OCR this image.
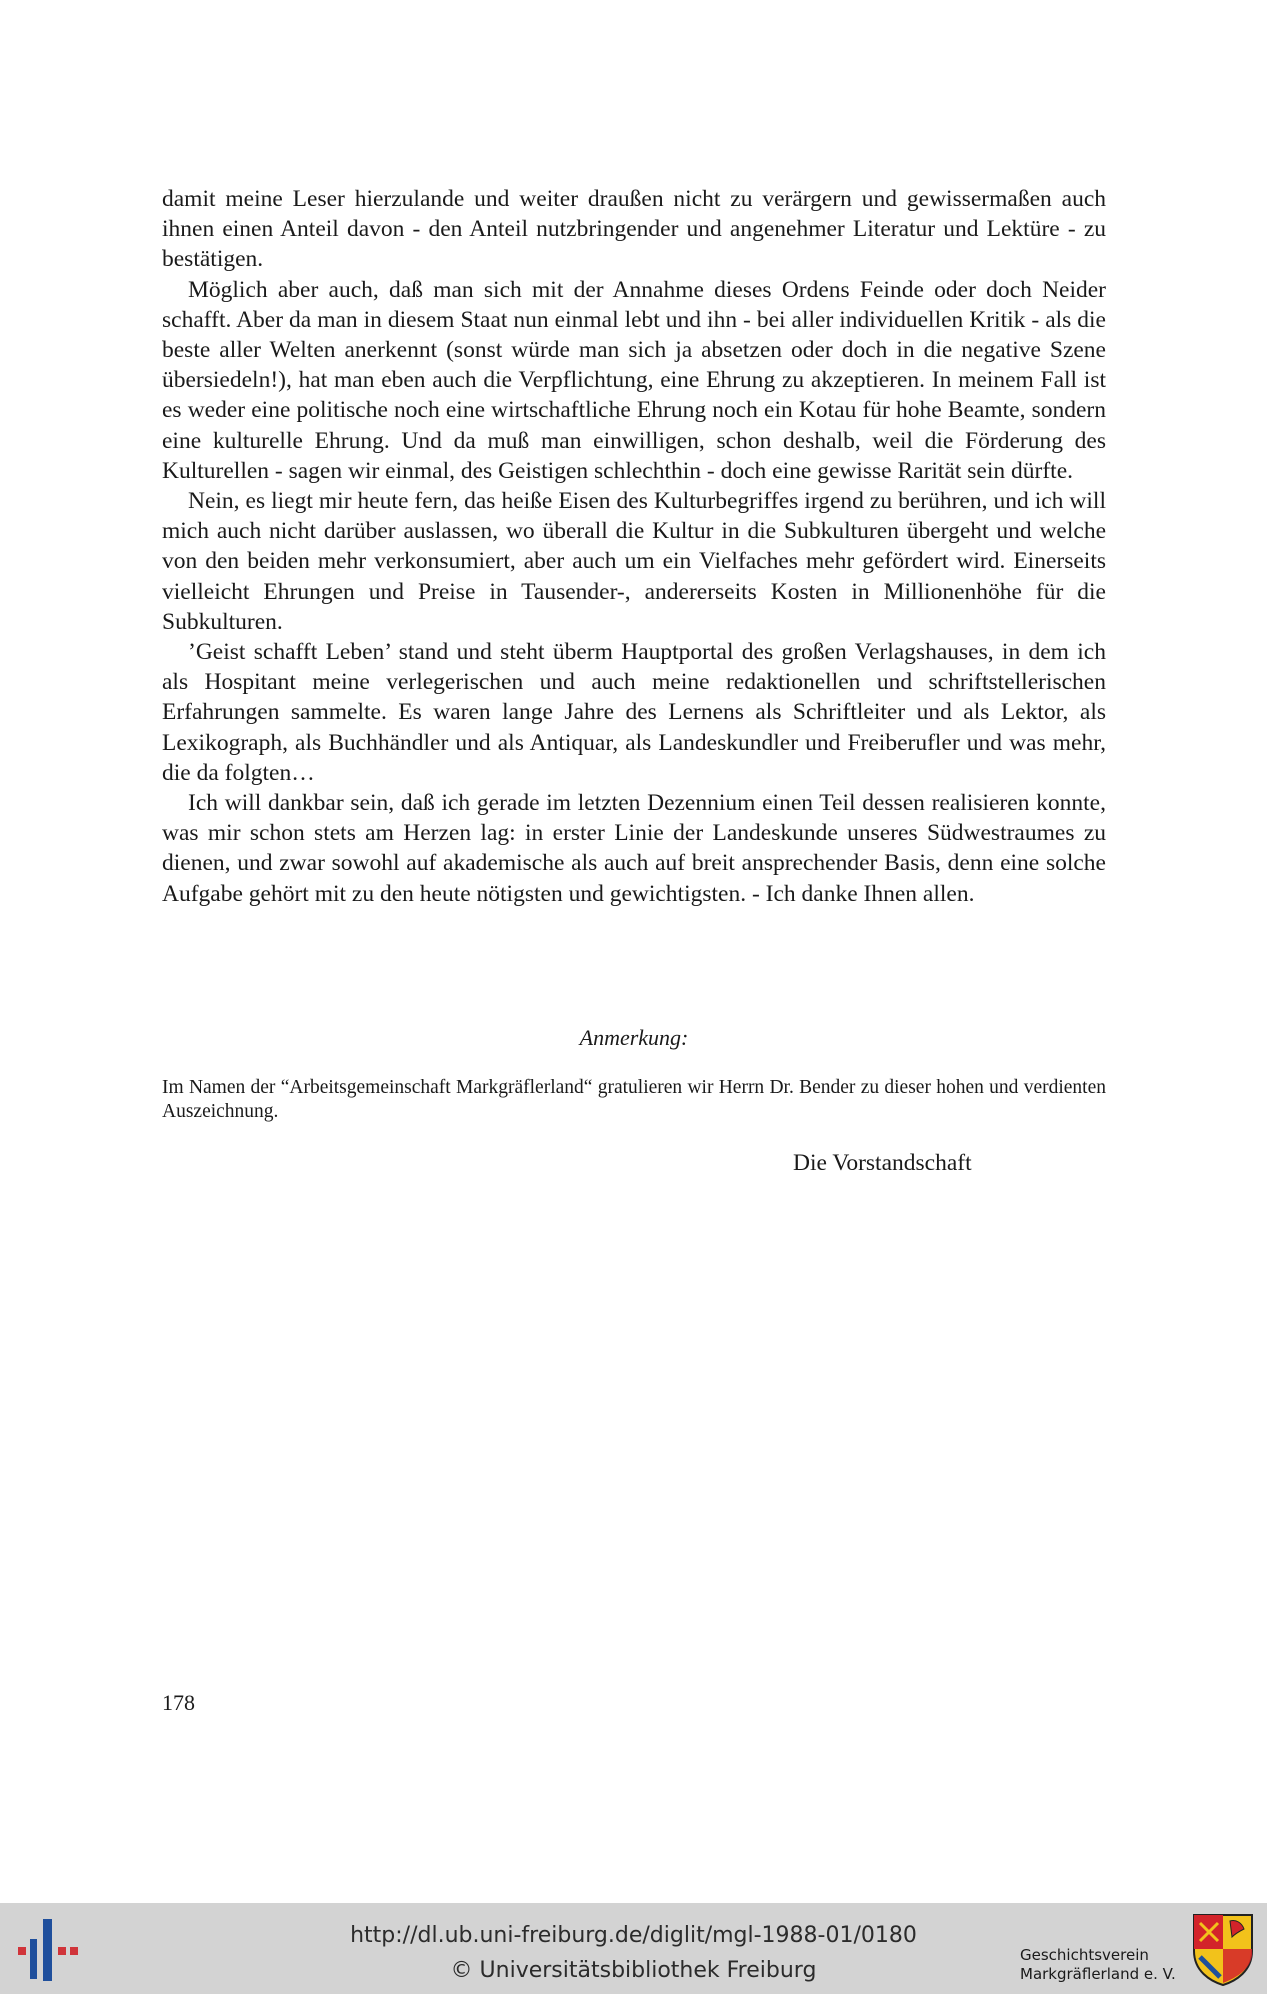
damit meine Leser hierzulande und weiter draußen nicht zu verärgern und gewissermaßen auch ihnen einen Anteil davon - den Anteil nutzbringender und angenehmer Literatur und Lektüre - zu bestätigen.

Möglich aber auch, daß man sich mit der Annahme dieses Ordens Feinde oder doch Neider schafft. Aber da man in diesem Staat nun einmal lebt und ihn - bei aller individuellen Kritik - als die beste aller Welten anerkennt (sonst würde man sich ja absetzen oder doch in die negative Szene übersiedeln!), hat man eben auch die Verpflichtung, eine Ehrung zu akzeptieren. In meinem Fall ist es weder eine politische noch eine wirtschaftliche Ehrung noch ein Kotau für hohe Beamte, sondern eine kulturelle Ehrung. Und da muß man einwilligen, schon deshalb, weil die Förderung des Kulturellen - sagen wir einmal, des Geistigen schlechthin - doch eine gewisse Rarität sein dürfte.

Nein, es liegt mir heute fern, das heiße Eisen des Kulturbegriffes irgend zu berühren, und ich will mich auch nicht darüber auslassen, wo überall die Kultur in die Subkulturen übergeht und welche von den beiden mehr verkonsumiert, aber auch um ein Vielfaches mehr gefördert wird. Einerseits vielleicht Ehrungen und Preise in Tausender-, andererseits Kosten in Millionenhöhe für die Subkulturen.

’Geist schafft Leben’ stand und steht überm Hauptportal des großen Verlagshauses, in dem ich als Hospitant meine verlegerischen und auch meine redaktionellen und schriftstellerischen Erfahrungen sammelte. Es waren lange Jahre des Lernens als Schriftleiter und als Lektor, als Lexikograph, als Buchhändler und als Antiquar, als Landeskundler und Freiberufler und was mehr, die da folgten…

Ich will dankbar sein, daß ich gerade im letzten Dezennium einen Teil dessen realisieren konnte, was mir schon stets am Herzen lag: in erster Linie der Landeskunde unseres Südwestraumes zu dienen, und zwar sowohl auf akademische als auch auf breit ansprechender Basis, denn eine solche Aufgabe gehört mit zu den heute nötigsten und gewichtigsten. - Ich danke Ihnen allen.

Anmerkung:
Im Namen der “Arbeitsgemeinschaft Markgräflerland“ gratulieren wir Herrn Dr. Bender zu dieser hohen und verdienten Auszeichnung.
Die Vorstandschaft
178
http://dl.ub.uni-freiburg.de/diglit/mgl-1988-01/0180
© Universitätsbibliothek Freiburg
Geschichtsverein
Markgräflerland e. V.
